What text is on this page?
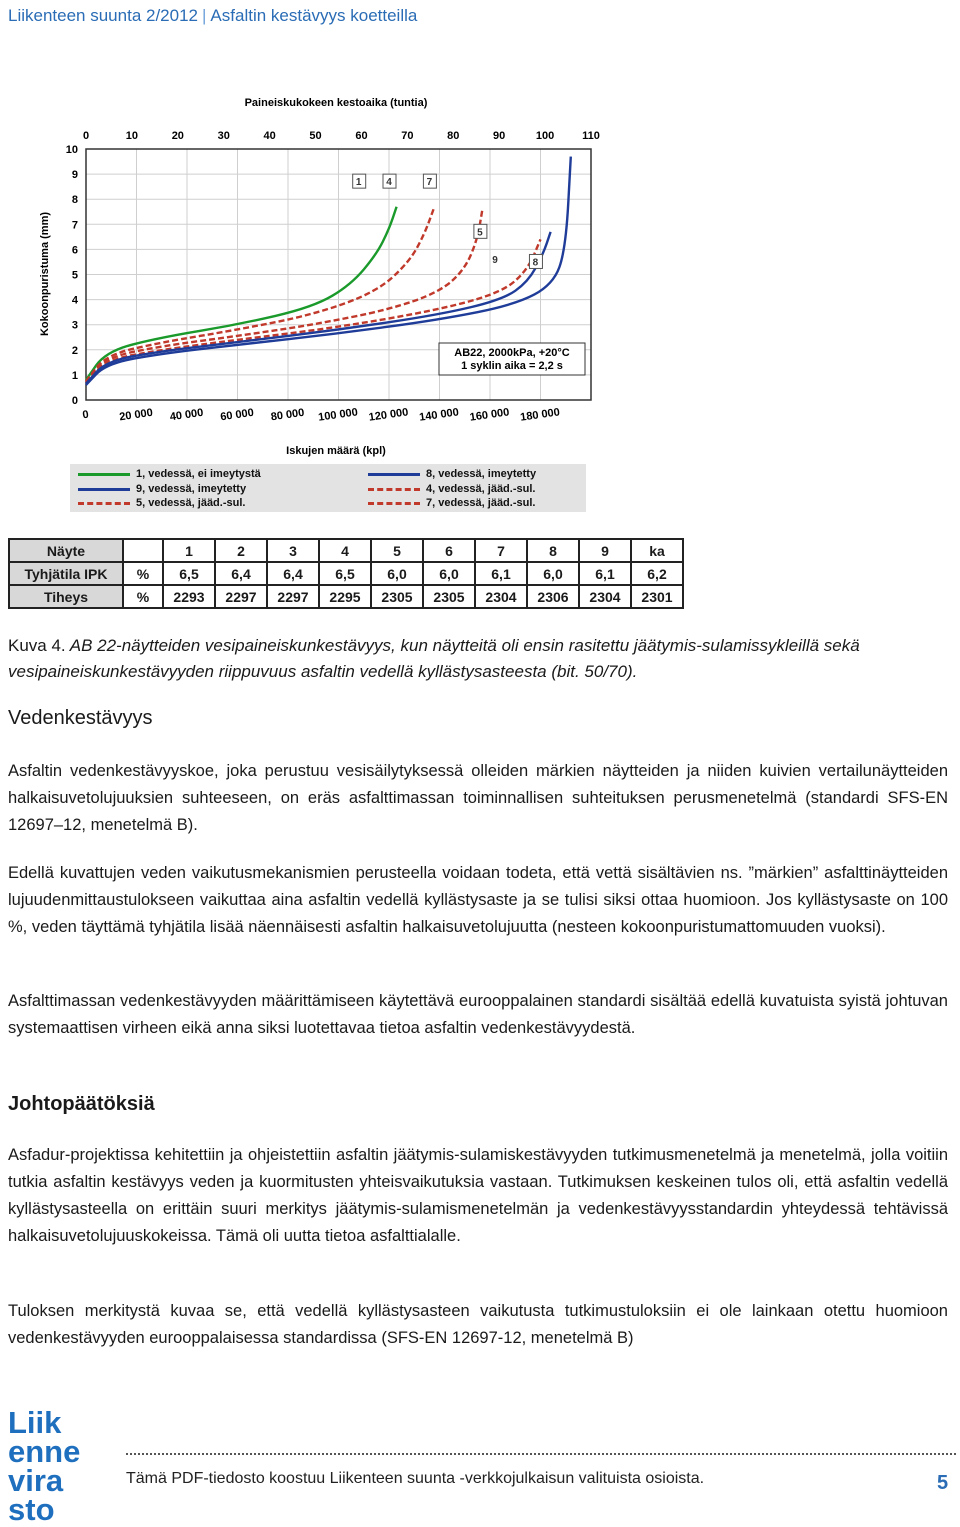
Liikenteen suunta 2/2012 | Asfaltin kestävyys koetteilla
Paineiskukokeen kestoaika (tuntia)
0	10	20	30	40	50	60	70	80	90	100	110
0
1
2
3
4
5
6
7
8
9
10
0	20 000 40 000 60 000 80 000 100 000 120 000 140 000 160 000 180 000
Iskujen määrä (kpl)
Kokoonpuristuma (mm)
1 4	7
5
9	8
AB22, 2000kPa, +20°C
1 syklin aika = 2,2 s
1, vedessä, ei imeytystä
9, vedessä, imeytetty
5, vedessä, jääd.-sul.
8, vedessä, imeytetty
4, vedessä, jääd.-sul.
7, vedessä, jääd.-sul.
Näyte		1	2	3	4	5	6	7	8	9	ka
Tyhjätila IPK	%	6,5	6,4	6,4	6,5	6,0	6,0	6,1	6,0	6,1	6,2
Tiheys	%	2293	2297	2297	2295	2305	2305	2304	2306	2304	2301
Kuva 4. AB 22-näytteiden vesipaineiskunkestävyys, kun näytteitä oli ensin rasitettu jäätymis-sulamissykleillä sekä vesipaineiskunkestävyyden riippuvuus asfaltin vedellä kyllästysasteesta (bit. 50/70).
Vedenkestävyys

Asfaltin vedenkestävyyskoe, joka perustuu vesisäilytyksessä olleiden märkien näytteiden ja niiden kuivien vertailunäytteiden halkaisuvetolujuuksien suhteeseen, on eräs asfalttimassan toiminnallisen suhteituksen perusmenetelmä (standardi SFS-EN 12697–12, menetelmä B).

Edellä kuvattujen veden vaikutusmekanismien perusteella voidaan todeta, että vettä sisältävien ns. ”märkien” asfalttinäytteiden lujuudenmittaustulokseen vaikuttaa aina asfaltin vedellä kyllästysaste ja se tulisi siksi ottaa huomioon. Jos kyllästysaste on 100 %, veden täyttämä tyhjätila lisää näennäisesti asfaltin halkaisuvetolujuutta (nesteen kokoonpuristumattomuuden vuoksi).

Asfalttimassan vedenkestävyyden määrittämiseen käytettävä eurooppalainen standardi sisältää edellä kuvatuista syistä johtuvan systemaattisen virheen eikä anna siksi luotettavaa tietoa asfaltin vedenkestävyydestä.

Johtopäätöksiä

Asfadur-projektissa kehitettiin ja ohjeistettiin asfaltin jäätymis-sulamiskestävyyden tutkimusmenetelmä ja menetelmä, jolla voitiin tutkia asfaltin kestävyys veden ja kuormitusten yhteisvaikutuksia vastaan. Tutkimuksen keskeinen tulos oli, että asfaltin vedellä kyllästysasteella on erittäin suuri merkitys jäätymis-sulamismenetelmän ja vedenkestävyysstandardin yhteydessä tehtävissä halkaisuvetolujuuskokeissa. Tämä oli uutta tietoa asfalttialalle.

Tuloksen merkitystä kuvaa se, että vedellä kyllästysasteen vaikutusta tutkimustuloksiin ei ole lainkaan otettu huomioon vedenkestävyyden eurooppalaisessa standardissa (SFS-EN 12697-12, menetelmä B)

Liik
enne
vira
sto
Tämä PDF-tiedosto koostuu Liikenteen suunta -verkkojulkaisun valituista osioista.	5
